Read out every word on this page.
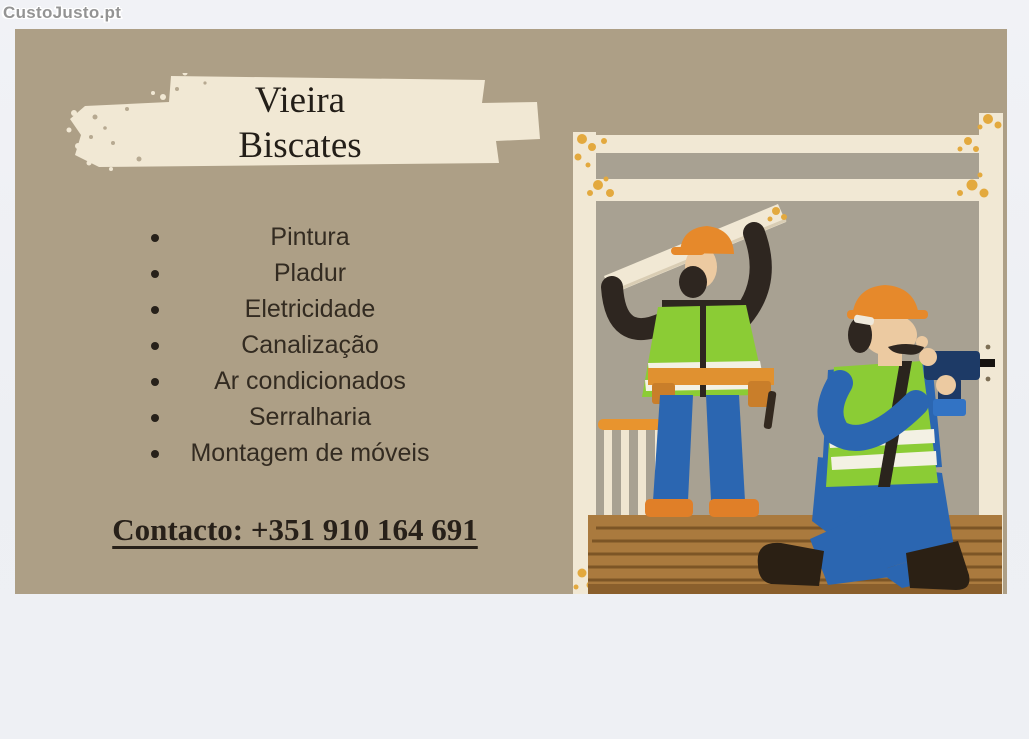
CustoJusto.pt
Vieira
Biscates
Pintura
Pladur
Eletricidade
Canalização
Ar condicionados
Serralharia
Montagem de móveis
Contacto: +351 910 164 691
